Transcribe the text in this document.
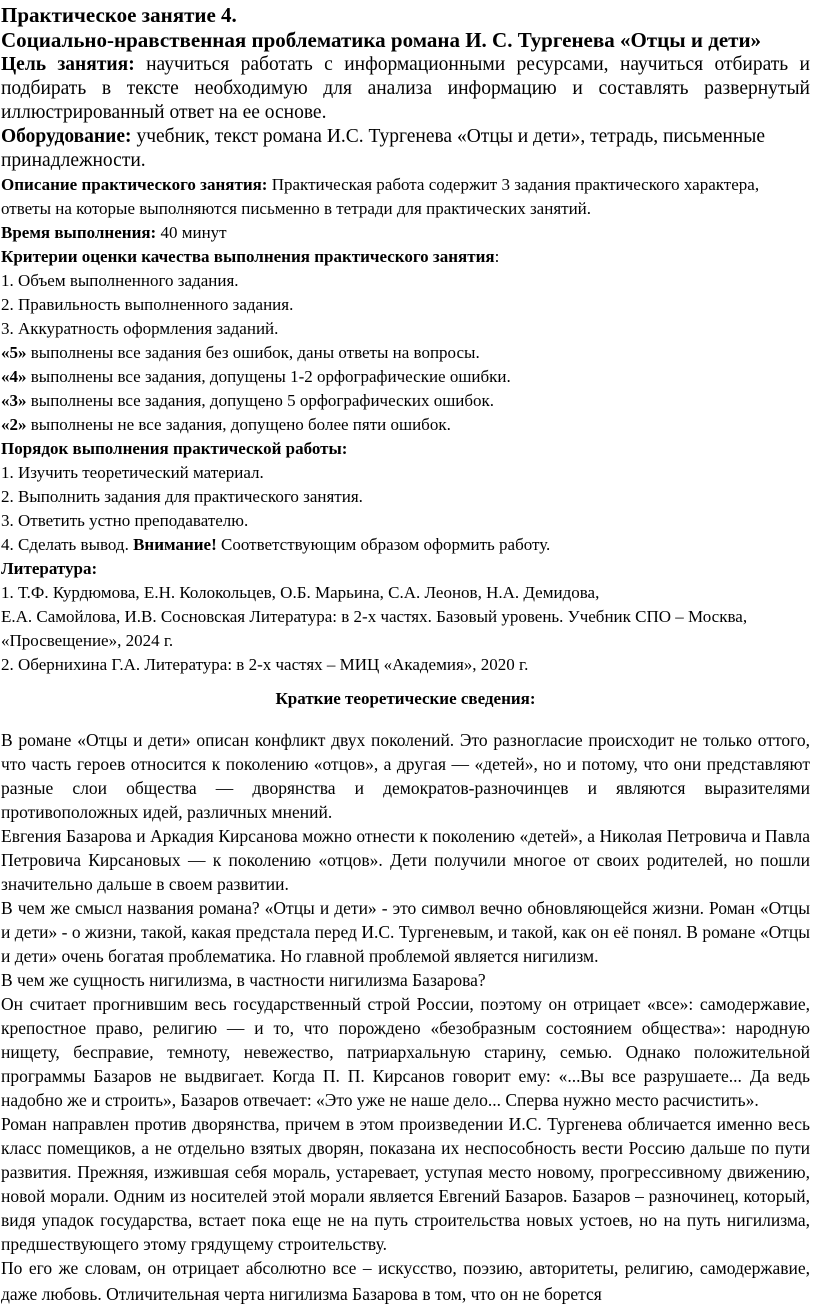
Практическое занятие 4.

Социально-нравственная проблематика романа И. С. Тургенева «Отцы и дети»

Цель занятия: научиться работать с информационными ресурсами, научиться отбирать и подбирать в тексте необходимую для анализа информацию и составлять развернутый иллюстрированный ответ на ее основе.

Оборудование: учебник, текст романа И.С. Тургенева «Отцы и дети», тетрадь, письменные принадлежности.

Описание практического занятия: Практическая работа содержит 3 задания практического характера, ответы на которые выполняются письменно в тетради для практических занятий.

Время выполнения: 40 минут

Критерии оценки качества выполнения практического занятия:

1. Объем выполненного задания.

2. Правильность выполненного задания.

3. Аккуратность оформления заданий.

«5» выполнены все задания без ошибок, даны ответы на вопросы.

«4» выполнены все задания, допущены 1-2 орфографические ошибки.

«3» выполнены все задания, допущено 5 орфографических ошибок.

«2» выполнены не все задания, допущено более пяти ошибок.

Порядок выполнения практической работы:

1. Изучить теоретический материал.

2. Выполнить задания для практического занятия.

3. Ответить устно преподавателю.

4. Сделать вывод. Внимание! Соответствующим образом оформить работу.

Литература:

1. Т.Ф. Курдюмова, Е.Н. Колокольцев, О.Б. Марьина, С.А. Леонов, Н.А. Демидова,

Е.А. Самойлова, И.В. Сосновская Литература: в 2-х частях. Базовый уровень. Учебник СПО – Москва, «Просвещение», 2024 г.

2. Обернихина Г.А. Литература: в 2-х частях – МИЦ «Академия», 2020 г.

Краткие теоретические сведения:

В романе «Отцы и дети» описан конфликт двух поколений. Это разногласие происходит не только оттого, что часть героев относится к поколению «отцов», а другая — «детей», но и потому, что они представляют разные слои общества — дворянства и демократов-разночинцев и являются выразителями противоположных идей, различных мнений.

Евгения Базарова и Аркадия Кирсанова можно отнести к поколению «детей», а Николая Петровича и Павла Петровича Кирсановых — к поколению «отцов». Дети получили многое от своих родителей, но пошли значительно дальше в своем развитии.

В чем же смысл названия романа? «Отцы и дети» - это символ вечно обновляющейся жизни. Роман «Отцы и дети» - о жизни, такой, какая предстала перед И.С. Тургеневым, и такой, как он её понял. В романе «Отцы и дети» очень богатая проблематика. Но главной проблемой является нигилизм.

В чем же сущность нигилизма, в частности нигилизма Базарова?

Он считает прогнившим весь государственный строй России, поэтому он отрицает «все»: самодержавие, крепостное право, религию — и то, что порождено «безобразным состоянием общества»: народную нищету, бесправие, темноту, невежество, патриархальную старину, семью. Однако положительной программы Базаров не выдвигает. Когда П. П. Кирсанов говорит ему: «...Вы все разрушаете... Да ведь надобно же и строить», Базаров отвечает: «Это уже не наше дело... Сперва нужно место расчистить».

Роман направлен против дворянства, причем в этом произведении И.С. Тургенева обличается именно весь класс помещиков, а не отдельно взятых дворян, показана их неспособность вести Россию дальше по пути развития. Прежняя, изжившая себя мораль, устаревает, уступая место новому, прогрессивному движению, новой морали. Одним из носителей этой морали является Евгений Базаров. Базаров – разночинец, который, видя упадок государства, встает пока еще не на путь строительства новых устоев, но на путь нигилизма, предшествующего этому грядущему строительству.

По его же словам, он отрицает абсолютно все – искусство, поэзию, авторитеты, религию, самодержавие, даже любовь. Отличительная черта нигилизма Базарова в том, что он не борется
